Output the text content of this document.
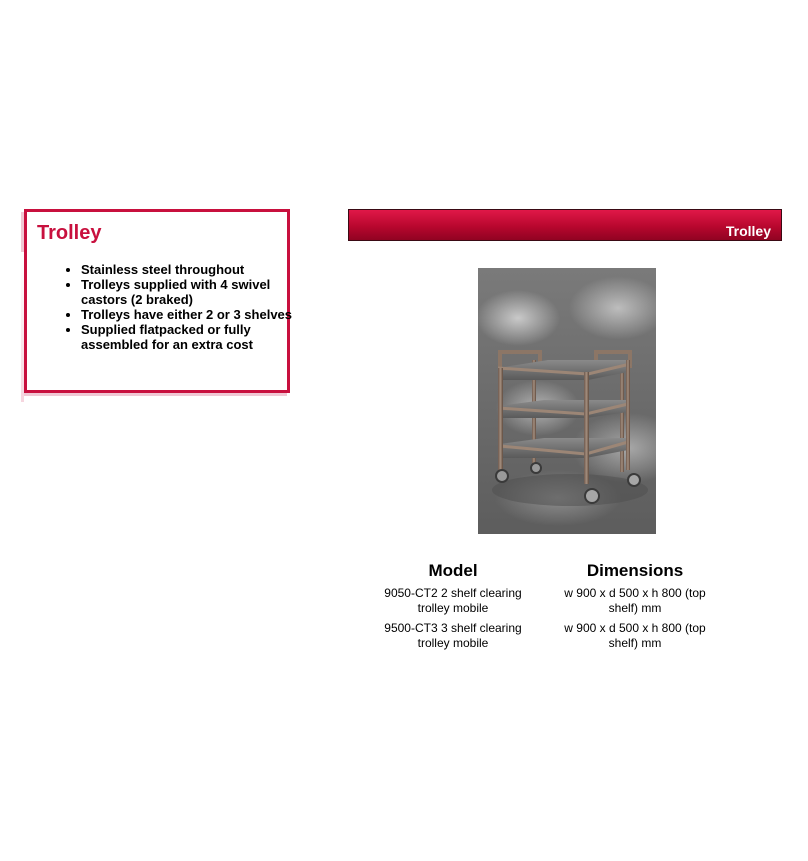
Trolley
• Stainless steel throughout
• Trolleys supplied with 4 swivel castors (2 braked)
• Trolleys have either 2 or 3 shelves
• Supplied flatpacked or fully assembled for an extra cost
Trolley
Model	Dimensions
9050-CT2 2 shelf clearing trolley mobile	w 900 x d 500 x h 800 (top shelf) mm
9500-CT3 3 shelf clearing trolley mobile	w 900 x d 500 x h 800 (top shelf) mm
